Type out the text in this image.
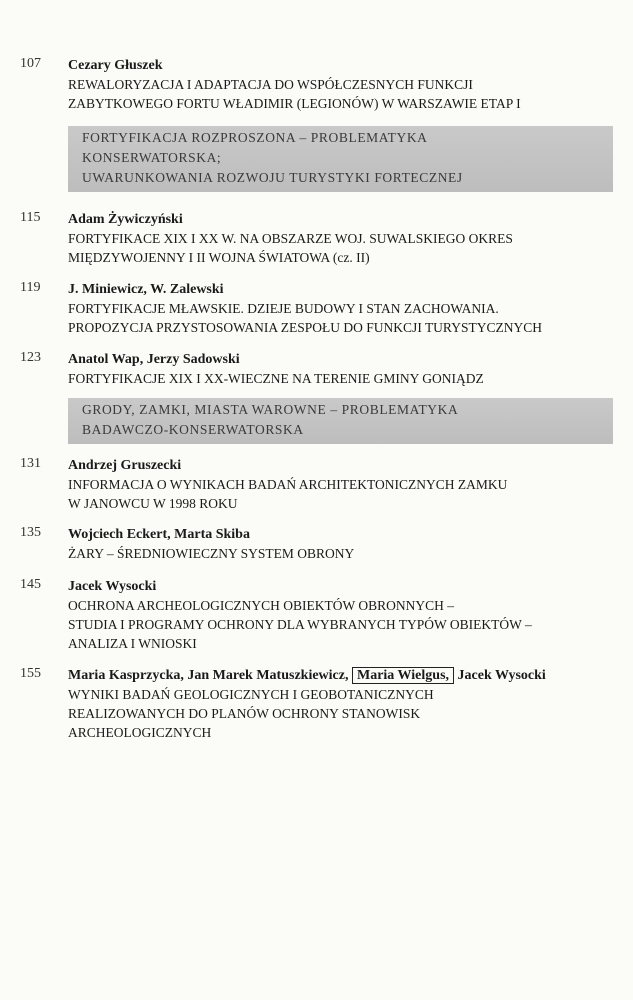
107 Cezary Głuszek
REWALORYZACJA I ADAPTACJA DO WSPÓŁCZESNYCH FUNKCJI
ZABYTKOWEGO FORTU WŁADIMIR (LEGIONÓW) W WARSZAWIE ETAP I
FORTYFIKACJA ROZPROSZONA – PROBLEMATYKA
KONSERWATORSKA;
UWARUNKOWANIA ROZWOJU TURYSTYKI FORTECZNEJ
115 Adam Żywiczyński
FORTYFIKACE XIX I XX W. NA OBSZARZE WOJ. SUWALSKIEGO OKRES
MIĘDZYWOJENNY I II WOJNA ŚWIATOWA (cz. II)
119 J. Miniewicz, W. Zalewski
FORTYFIKACJE MŁAWSKIE. DZIEJE BUDOWY I STAN ZACHOWANIA.
PROPOZYCJA PRZYSTOSOWANIA ZESPOŁU DO FUNKCJI TURYSTYCZNYCH
123 Anatol Wap, Jerzy Sadowski
FORTYFIKACJE XIX I XX-WIECZNE NA TERENIE GMINY GONIĄDZ
GRODY, ZAMKI, MIASTA WAROWNE – PROBLEMATYKA
BADAWCZO-KONSERWATORSKA
131 Andrzej Gruszecki
INFORMACJA O WYNIKACH BADAŃ ARCHITEKTONICZNYCH ZAMKU
W JANOWCU W 1998 ROKU
135 Wojciech Eckert, Marta Skiba
ŻARY – ŚREDNIOWIECZNY SYSTEM OBRONY
145 Jacek Wysocki
OCHRONA ARCHEOLOGICZNYCH OBIEKTÓW OBRONNYCH –
STUDIA I PROGRAMY OCHRONY DLA WYBRANYCH TYPÓW OBIEKTÓW –
ANALIZA I WNIOSKI
155 Maria Kasprzycka, Jan Marek Matuszkiewicz, Maria Wielgus, Jacek Wysocki
WYNIKI BADAŃ GEOLOGICZNYCH I GEOBOTANICZNYCH
REALIZOWANYCH DO PLANÓW OCHRONY STANOWISK
ARCHEOLOGICZNYCH
